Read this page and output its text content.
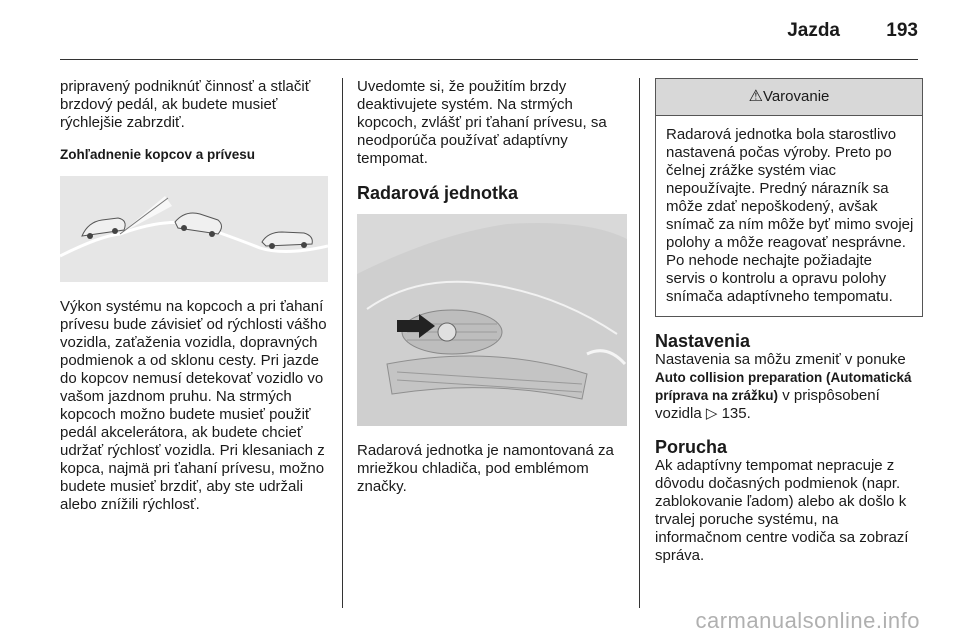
Jazda 193

pripravený podniknúť činnosť a stlačiť brzdový pedál, ak budete musieť rýchlejšie zabrzdiť.

Zohľadnenie kopcov a prívesu

Výkon systému na kopcoch a pri ťahaní prívesu bude závisieť od rýchlosti vášho vozidla, zaťaženia vozidla, dopravných podmienok a od sklonu cesty. Pri jazde do kopcov nemusí detekovať vozidlo vo vašom jazdnom pruhu. Na strmých kopcoch možno budete musieť použiť pedál akcelerátora, ak budete chcieť udržať rýchlosť vozidla. Pri klesaniach z kopca, najmä pri ťahaní prívesu, možno budete musieť brzdiť, aby ste udržali alebo znížili rýchlosť.

Uvedomte si, že použitím brzdy deaktivujete systém. Na strmých kopcoch, zvlášť pri ťahaní prívesu, sa neodporúča používať adaptívny tempomat.

Radarová jednotka

Radarová jednotka je namontovaná za mriežkou chladiča, pod emblémom značky.

⚠Varovanie
Radarová jednotka bola starostlivo nastavená počas výroby. Preto po čelnej zrážke systém viac nepoužívajte. Predný nárazník sa môže zdať nepoškodený, avšak snímač za ním môže byť mimo svojej polohy a môže reagovať nesprávne. Po nehode nechajte požiadajte servis o kontrolu a opravu polohy snímača adaptívneho tempomatu.

Nastavenia

Nastavenia sa môžu zmeniť v ponuke Auto collision preparation (Automatická príprava na zrážku) v prispôsobení vozidla ▷ 135.

Porucha

Ak adaptívny tempomat nepracuje z dôvodu dočasných podmienok (napr. zablokovanie ľadom) alebo ak došlo k trvalej poruche systému, na informačnom centre vodiča sa zobrazí správa.

carmanualsonline.info
